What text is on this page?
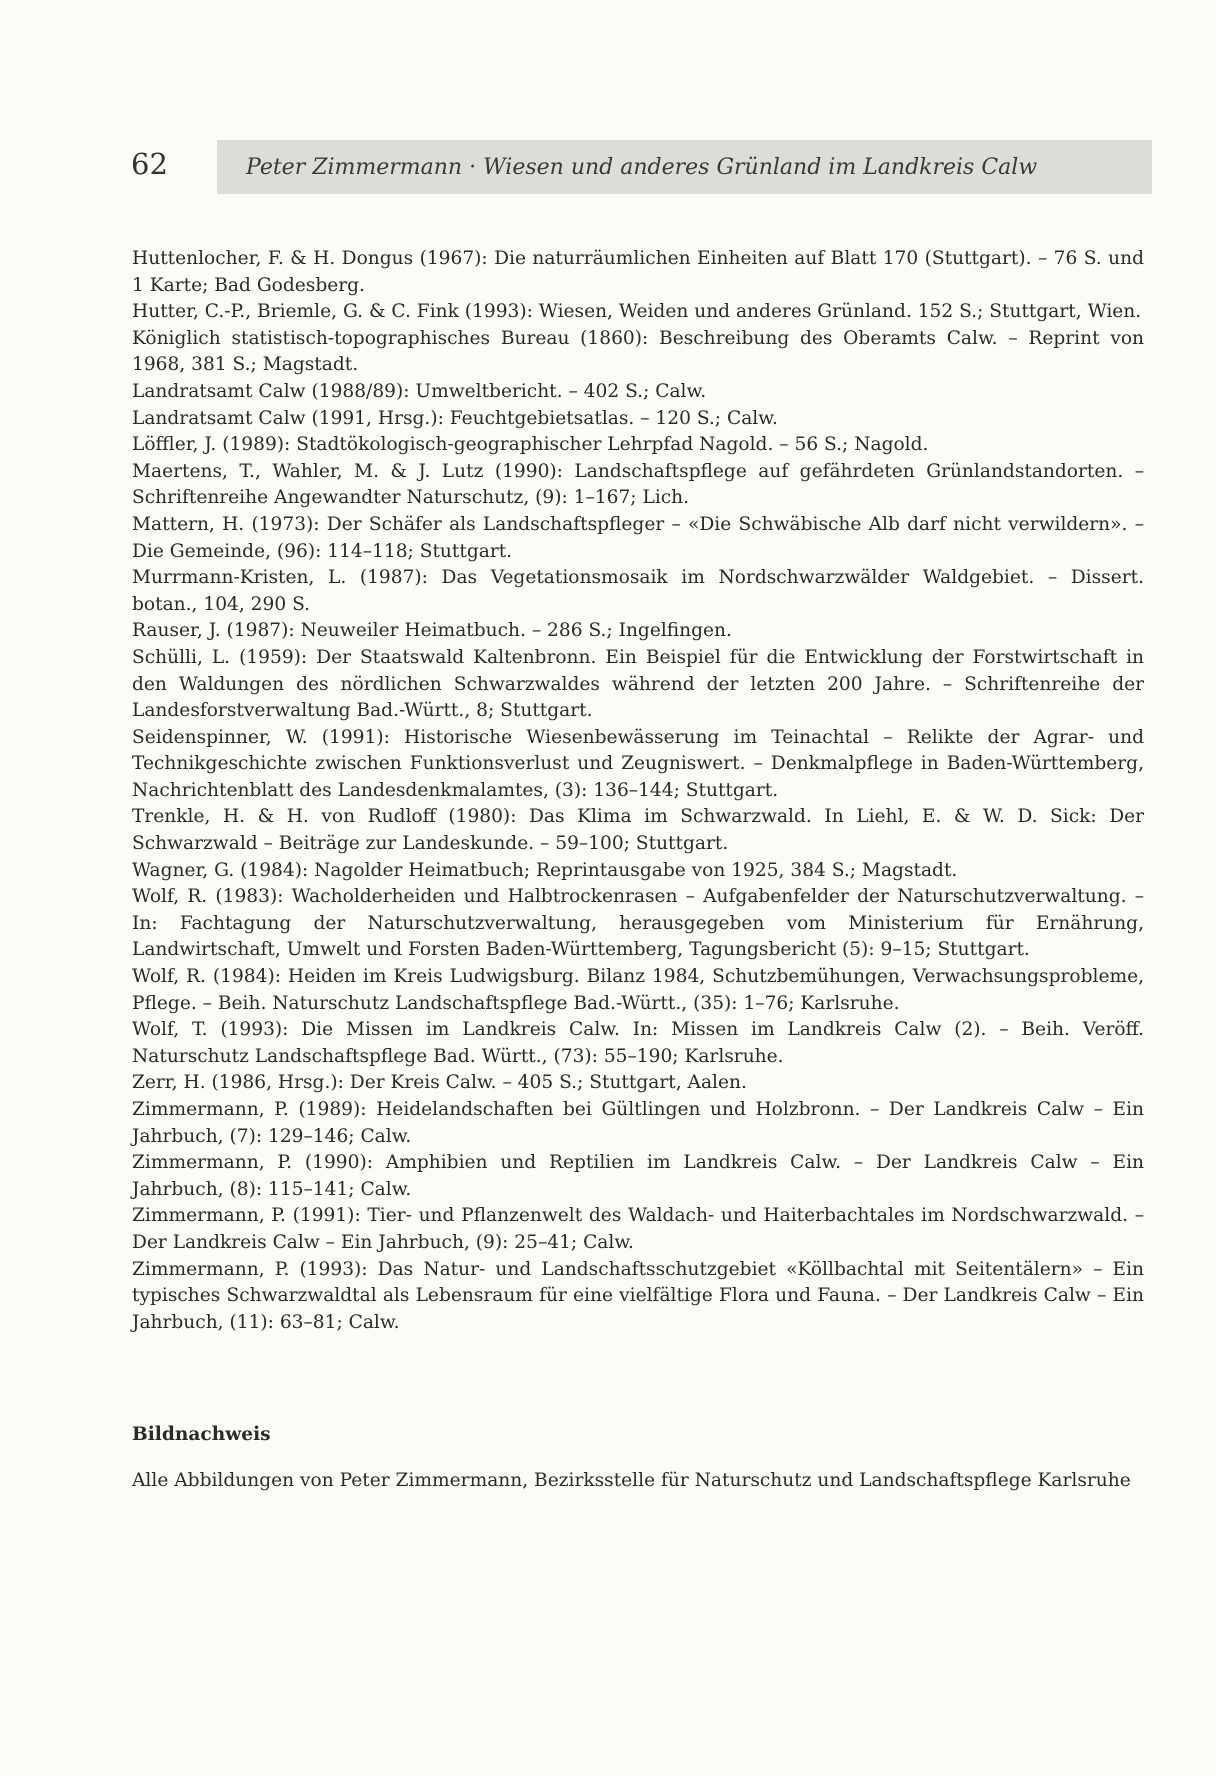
62	Peter Zimmermann · Wiesen und anderes Grünland im Landkreis Calw

Huttenlocher, F. & H. Dongus (1967): Die naturräumlichen Einheiten auf Blatt 170 (Stuttgart). – 76 S. und 1 Karte; Bad Godesberg.

Hutter, C.-P., Briemle, G. & C. Fink (1993): Wiesen, Weiden und anderes Grünland. 152 S.; Stuttgart, Wien.

Königlich statistisch-topographisches Bureau (1860): Beschreibung des Oberamts Calw. – Reprint von 1968, 381 S.; Magstadt.

Landratsamt Calw (1988/89): Umweltbericht. – 402 S.; Calw.

Landratsamt Calw (1991, Hrsg.): Feuchtgebietsatlas. – 120 S.; Calw.

Löffler, J. (1989): Stadtökologisch-geographischer Lehrpfad Nagold. – 56 S.; Nagold.

Maertens, T., Wahler, M. & J. Lutz (1990): Landschaftspflege auf gefährdeten Grünlandstandorten. – Schriftenreihe Angewandter Naturschutz, (9): 1–167; Lich.

Mattern, H. (1973): Der Schäfer als Landschaftspfleger – «Die Schwäbische Alb darf nicht verwildern». – Die Gemeinde, (96): 114–118; Stuttgart.

Murrmann-Kristen, L. (1987): Das Vegetationsmosaik im Nordschwarzwälder Waldgebiet. – Dissert. botan., 104, 290 S.

Rauser, J. (1987): Neuweiler Heimatbuch. – 286 S.; Ingelfingen.

Schülli, L. (1959): Der Staatswald Kaltenbronn. Ein Beispiel für die Entwicklung der Forstwirtschaft in den Waldungen des nördlichen Schwarzwaldes während der letzten 200 Jahre. – Schriftenreihe der Landesforstverwaltung Bad.-Württ., 8; Stuttgart.

Seidenspinner, W. (1991): Historische Wiesenbewässerung im Teinachtal – Relikte der Agrar- und Technikgeschichte zwischen Funktionsverlust und Zeugniswert. – Denkmalpflege in Baden-Württemberg, Nachrichtenblatt des Landesdenkmalamtes, (3): 136–144; Stuttgart.

Trenkle, H. & H. von Rudloff (1980): Das Klima im Schwarzwald. In Liehl, E. & W. D. Sick: Der Schwarzwald – Beiträge zur Landeskunde. – 59–100; Stuttgart.

Wagner, G. (1984): Nagolder Heimatbuch; Reprintausgabe von 1925, 384 S.; Magstadt.

Wolf, R. (1983): Wacholderheiden und Halbtrockenrasen – Aufgabenfelder der Naturschutzverwaltung. – In: Fachtagung der Naturschutzverwaltung, herausgegeben vom Ministerium für Ernährung, Landwirtschaft, Umwelt und Forsten Baden-Württemberg, Tagungsbericht (5): 9–15; Stuttgart.

Wolf, R. (1984): Heiden im Kreis Ludwigsburg. Bilanz 1984, Schutzbemühungen, Verwachsungsprobleme, Pflege. – Beih. Naturschutz Landschaftspflege Bad.-Württ., (35): 1–76; Karlsruhe.

Wolf, T. (1993): Die Missen im Landkreis Calw. In: Missen im Landkreis Calw (2). – Beih. Veröff. Naturschutz Landschaftspflege Bad. Württ., (73): 55–190; Karlsruhe.

Zerr, H. (1986, Hrsg.): Der Kreis Calw. – 405 S.; Stuttgart, Aalen.

Zimmermann, P. (1989): Heidelandschaften bei Gültlingen und Holzbronn. – Der Landkreis Calw – Ein Jahrbuch, (7): 129–146; Calw.

Zimmermann, P. (1990): Amphibien und Reptilien im Landkreis Calw. – Der Landkreis Calw – Ein Jahrbuch, (8): 115–141; Calw.

Zimmermann, P. (1991): Tier- und Pflanzenwelt des Waldach- und Haiterbachtales im Nordschwarzwald. – Der Landkreis Calw – Ein Jahrbuch, (9): 25–41; Calw.

Zimmermann, P. (1993): Das Natur- und Landschaftsschutzgebiet «Köllbachtal mit Seitentälern» – Ein typisches Schwarzwaldtal als Lebensraum für eine vielfältige Flora und Fauna. – Der Landkreis Calw – Ein Jahrbuch, (11): 63–81; Calw.

Bildnachweis

Alle Abbildungen von Peter Zimmermann, Bezirksstelle für Naturschutz und Landschaftspflege Karlsruhe
